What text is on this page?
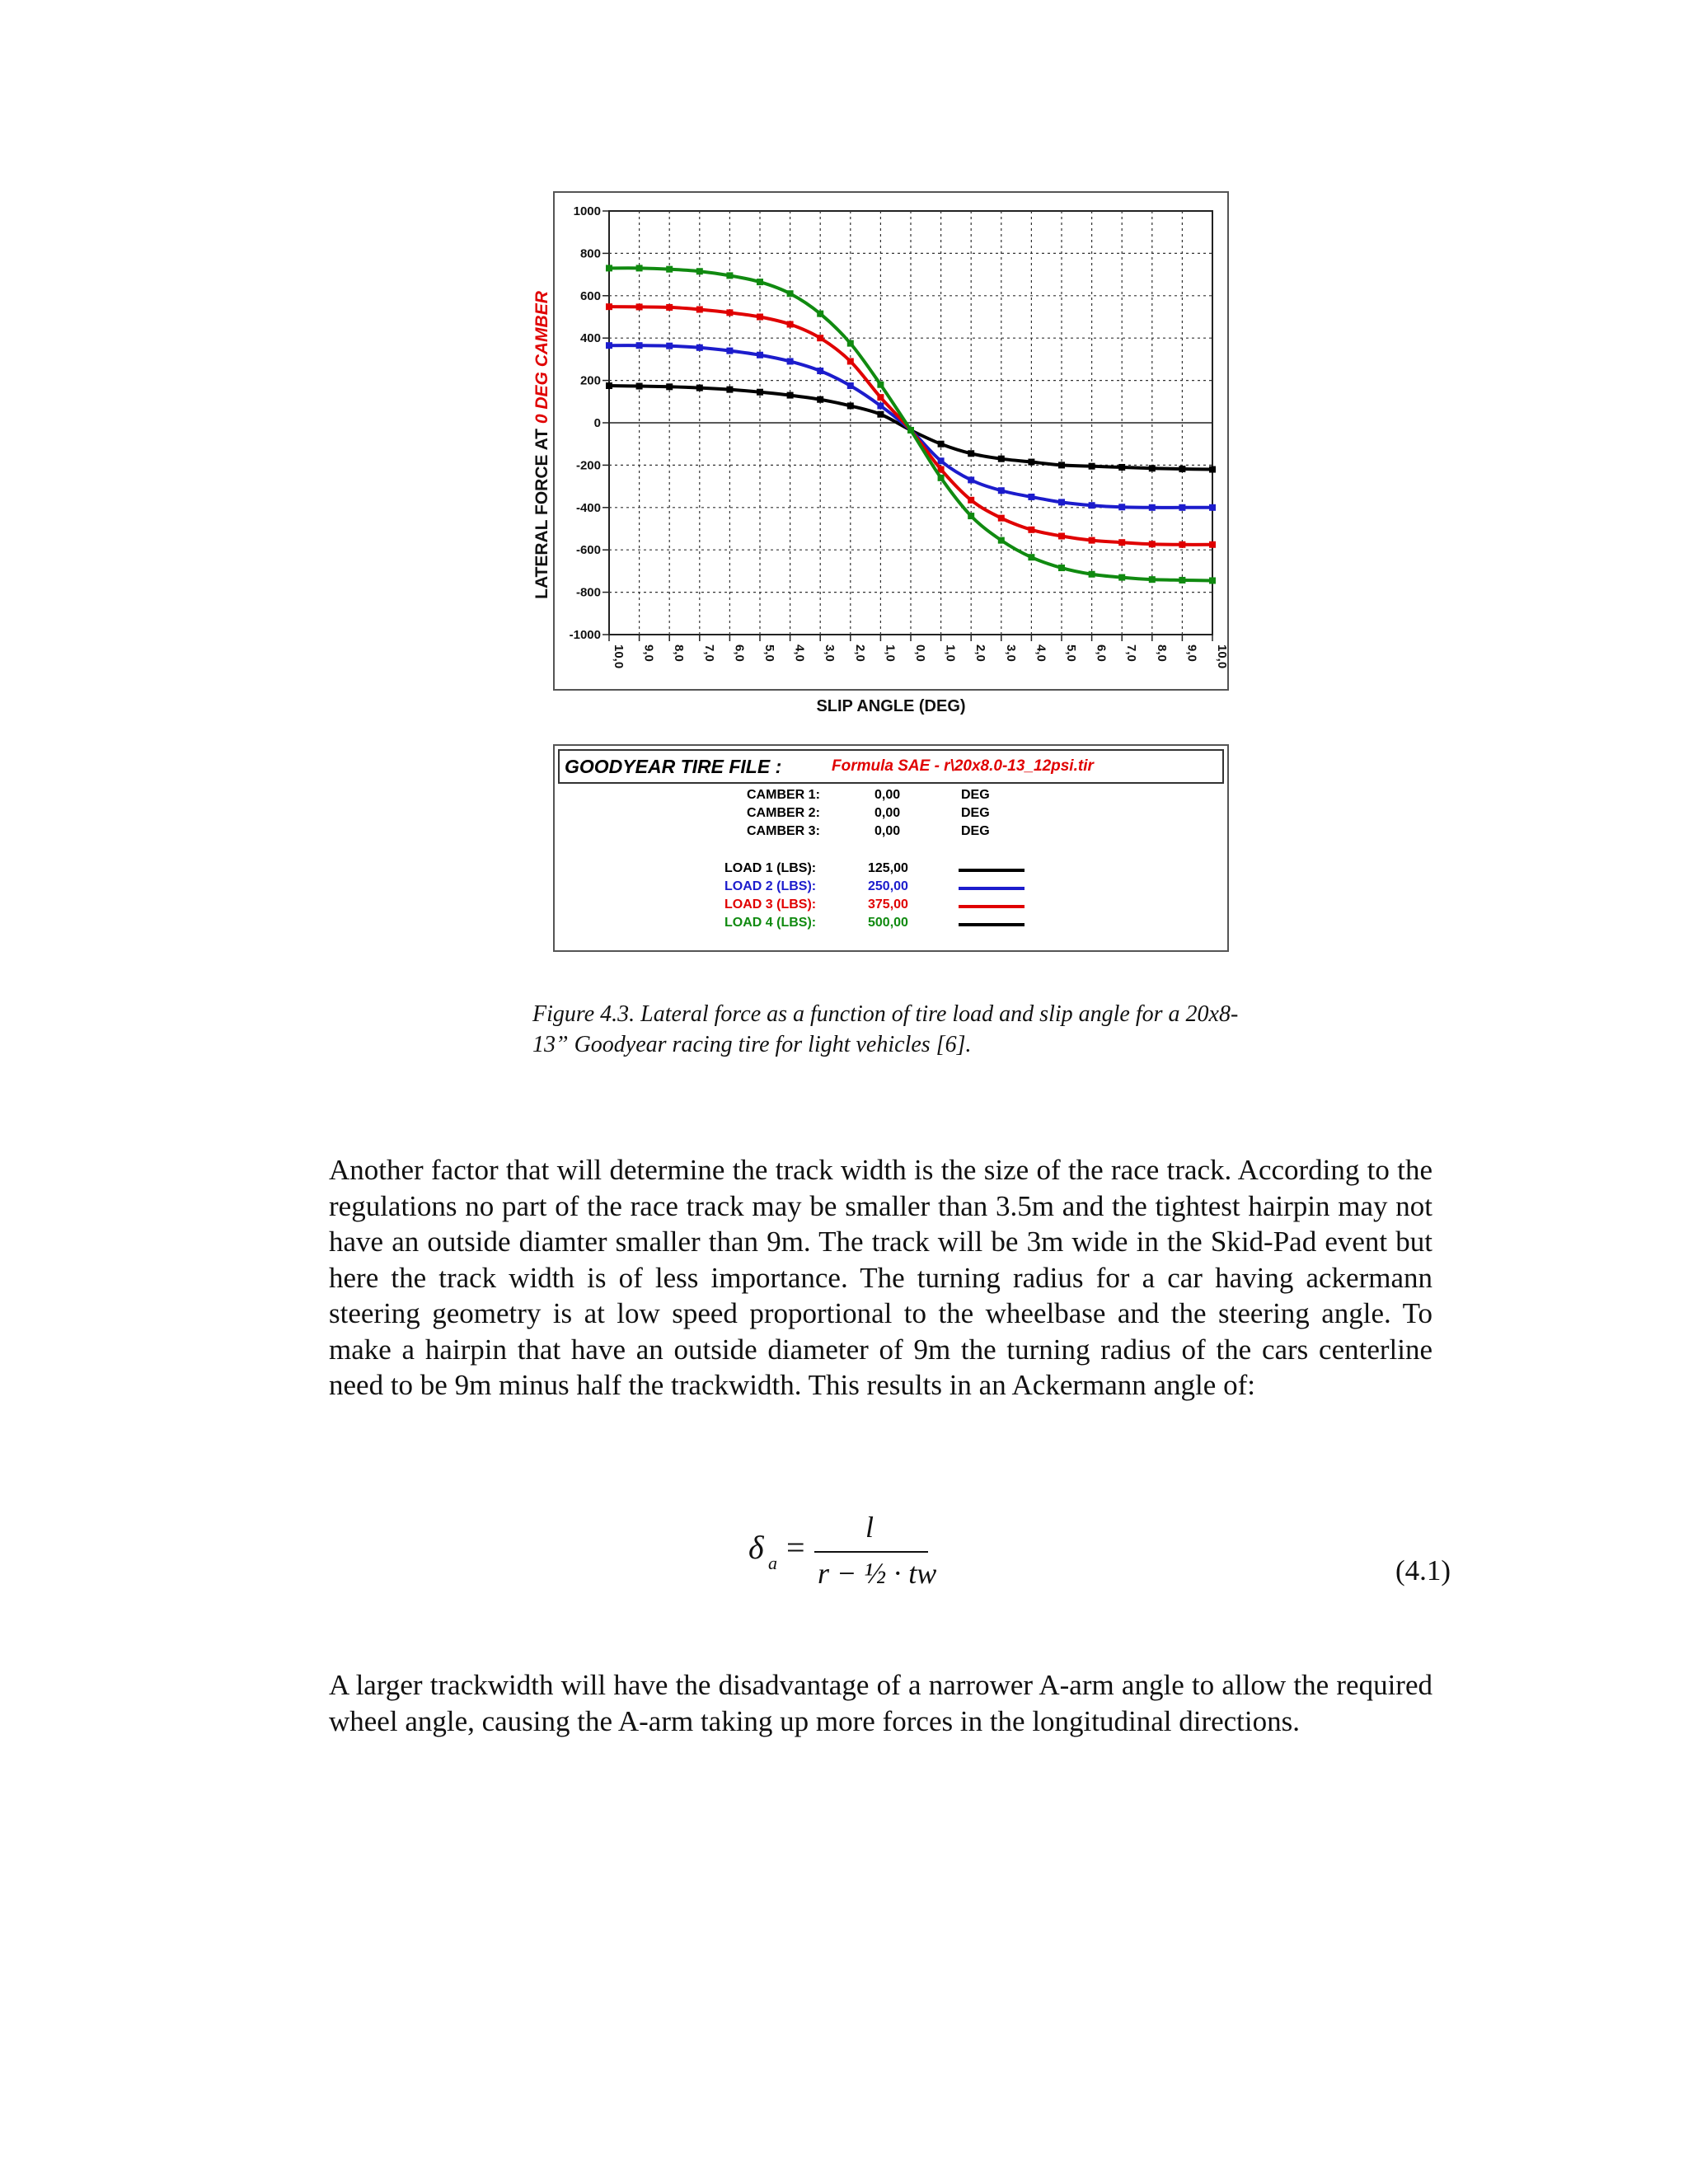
10,0 9,0 8,0 7,0 6,0 5,0 4,0 3,0 2,0 1,0 0,0 1,0 2,0 3,0 4,0 5,0 6,0 7,0 8,0 9,0 10,0
1000
800
600
400
200
0
-200
-400
-600
-800
-1000
LATERAL FORCE AT 0 DEG CAMBER
SLIP ANGLE (DEG)
GOODYEAR TIRE FILE :	Formula SAE - r\20x8.0-13_12psi.tir
CAMBER 1:	0,00	DEG
CAMBER 2:	0,00	DEG
CAMBER 3:	0,00	DEG
LOAD 1 (LBS):	125,00
LOAD 2 (LBS):	250,00
LOAD 3 (LBS):	375,00
LOAD 4 (LBS):	500,00
Figure 4.3. Lateral force as a function of tire load and slip angle for a 20x8-13” Goodyear racing tire for light vehicles [6].
Another factor that will determine the track width is the size of the race track. According to the regulations no part of the race track may be smaller than 3.5m and the tightest hairpin may not have an outside diamter smaller than 9m. The track will be 3m wide in the Skid-Pad event but here the track width is of less importance. The turning radius for a car having ackermann steering geometry is at low speed proportional to the wheelbase and the steering angle. To make a hairpin that have an outside diameter of 9m the turning radius of the cars centerline need to be 9m minus half the trackwidth. This results in an Ackermann angle of:
δ a =
l
r − ½ · tw	(4.1)
A larger trackwidth will have the disadvantage of a narrower A-arm angle to allow the required wheel angle, causing the A-arm taking up more forces in the longitudinal directions.
